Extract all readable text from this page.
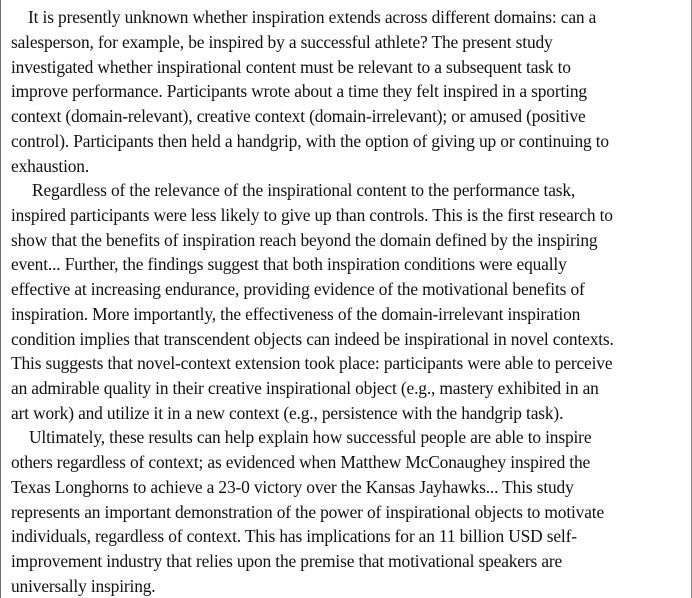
It is presently unknown whether inspiration extends across different domains: can a
salesperson, for example, be inspired by a successful athlete? The present study
investigated whether inspirational content must be relevant to a subsequent task to
improve performance. Participants wrote about a time they felt inspired in a sporting
context (domain-relevant), creative context (domain-irrelevant); or amused (positive
control). Participants then held a handgrip, with the option of giving up or continuing to
exhaustion.
Regardless of the relevance of the inspirational content to the performance task,
inspired participants were less likely to give up than controls. This is the first research to
show that the benefits of inspiration reach beyond the domain defined by the inspiring
event... Further, the findings suggest that both inspiration conditions were equally
effective at increasing endurance, providing evidence of the motivational benefits of
inspiration. More importantly, the effectiveness of the domain-irrelevant inspiration
condition implies that transcendent objects can indeed be inspirational in novel contexts.
This suggests that novel-context extension took place: participants were able to perceive
an admirable quality in their creative inspirational object (e.g., mastery exhibited in an
art work) and utilize it in a new context (e.g., persistence with the handgrip task).
Ultimately, these results can help explain how successful people are able to inspire
others regardless of context; as evidenced when Matthew McConaughey inspired the
Texas Longhorns to achieve a 23-0 victory over the Kansas Jayhawks... This study
represents an important demonstration of the power of inspirational objects to motivate
individuals, regardless of context. This has implications for an 11 billion USD self-
improvement industry that relies upon the premise that motivational speakers are
universally inspiring.
